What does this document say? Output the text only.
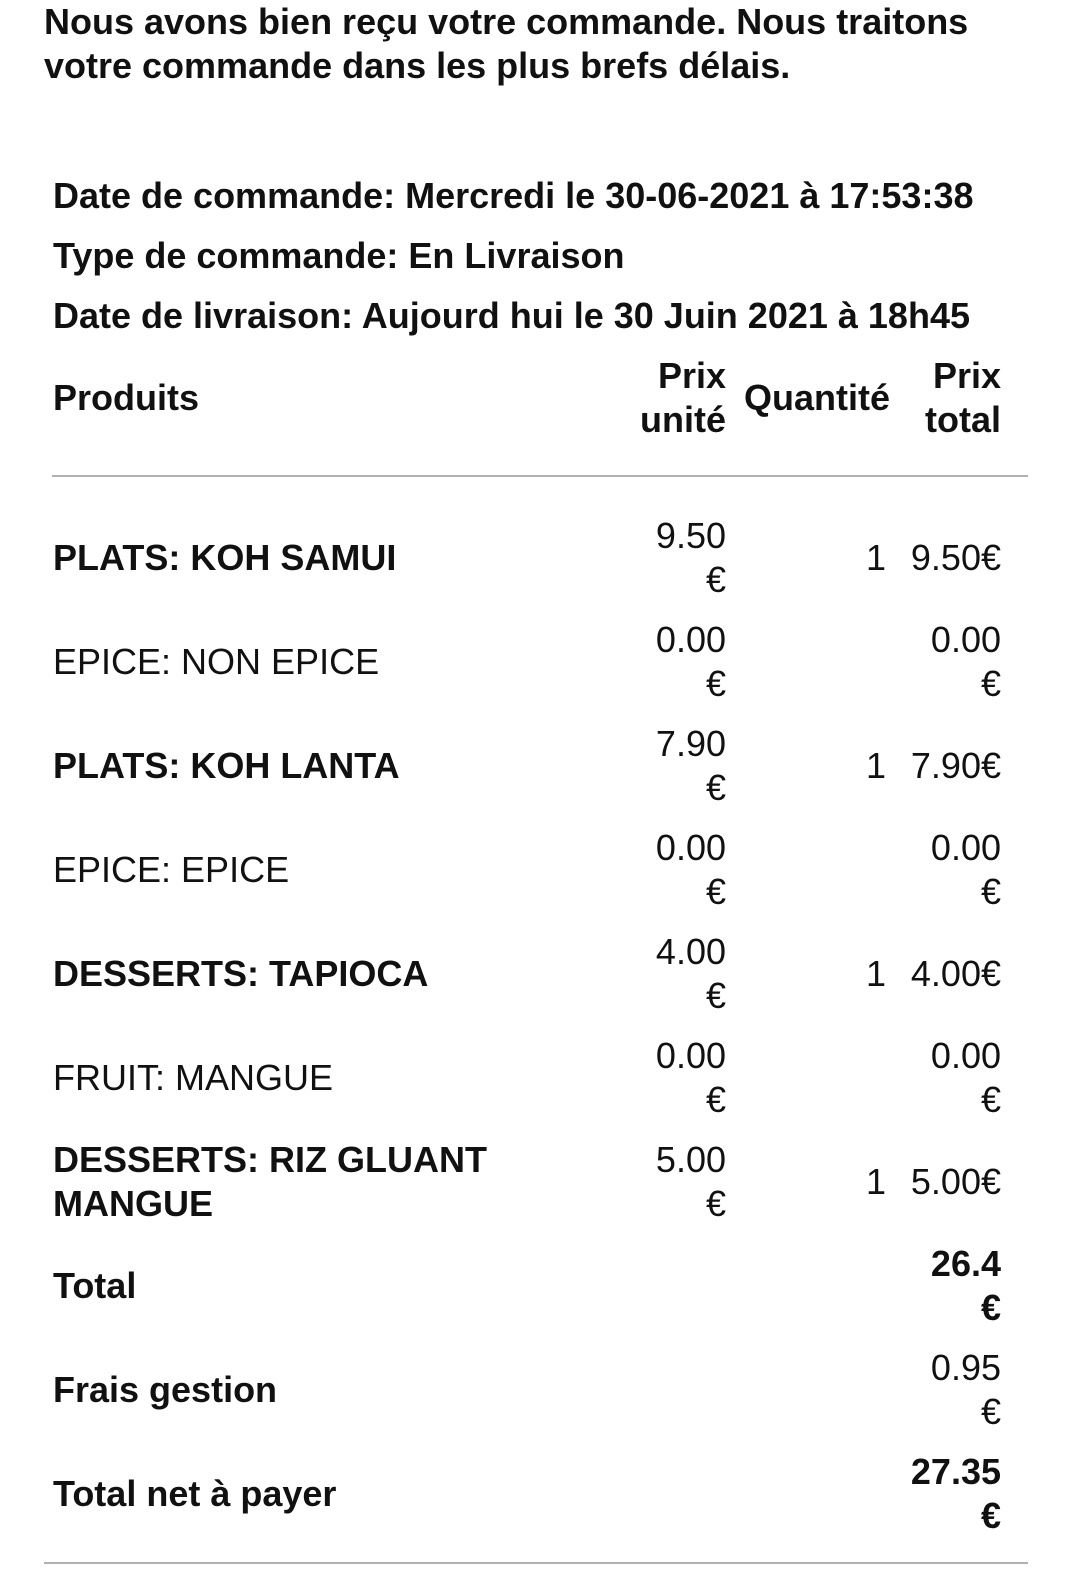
Nous avons bien reçu votre commande. Nous traitons votre commande dans les plus brefs délais.

Date de commande : Mercredi le 30-06-2021 à 17:53:38
Type de commande : En Livraison
Date de livraison : Aujourd hui le 30 Juin 2021 à 18h45
Produits
Prix
unité
Quantité
Prix
total
PLATS: KOH SAMUI
9.50
€
1 9.50€
EPICE: NON EPICE
0.00
€
0.00
€
PLATS: KOH LANTA
7.90
€
1 7.90€
EPICE: EPICE
0.00
€
0.00
€
DESSERTS: TAPIOCA
4.00
€
1 4.00€
FRUIT: MANGUE
0.00
€
0.00
€
DESSERTS: RIZ GLUANT
MANGUE
5.00
€
1 5.00€
Total
26.4
€
Frais gestion
0.95
€
Total net à payer
27.35
€
